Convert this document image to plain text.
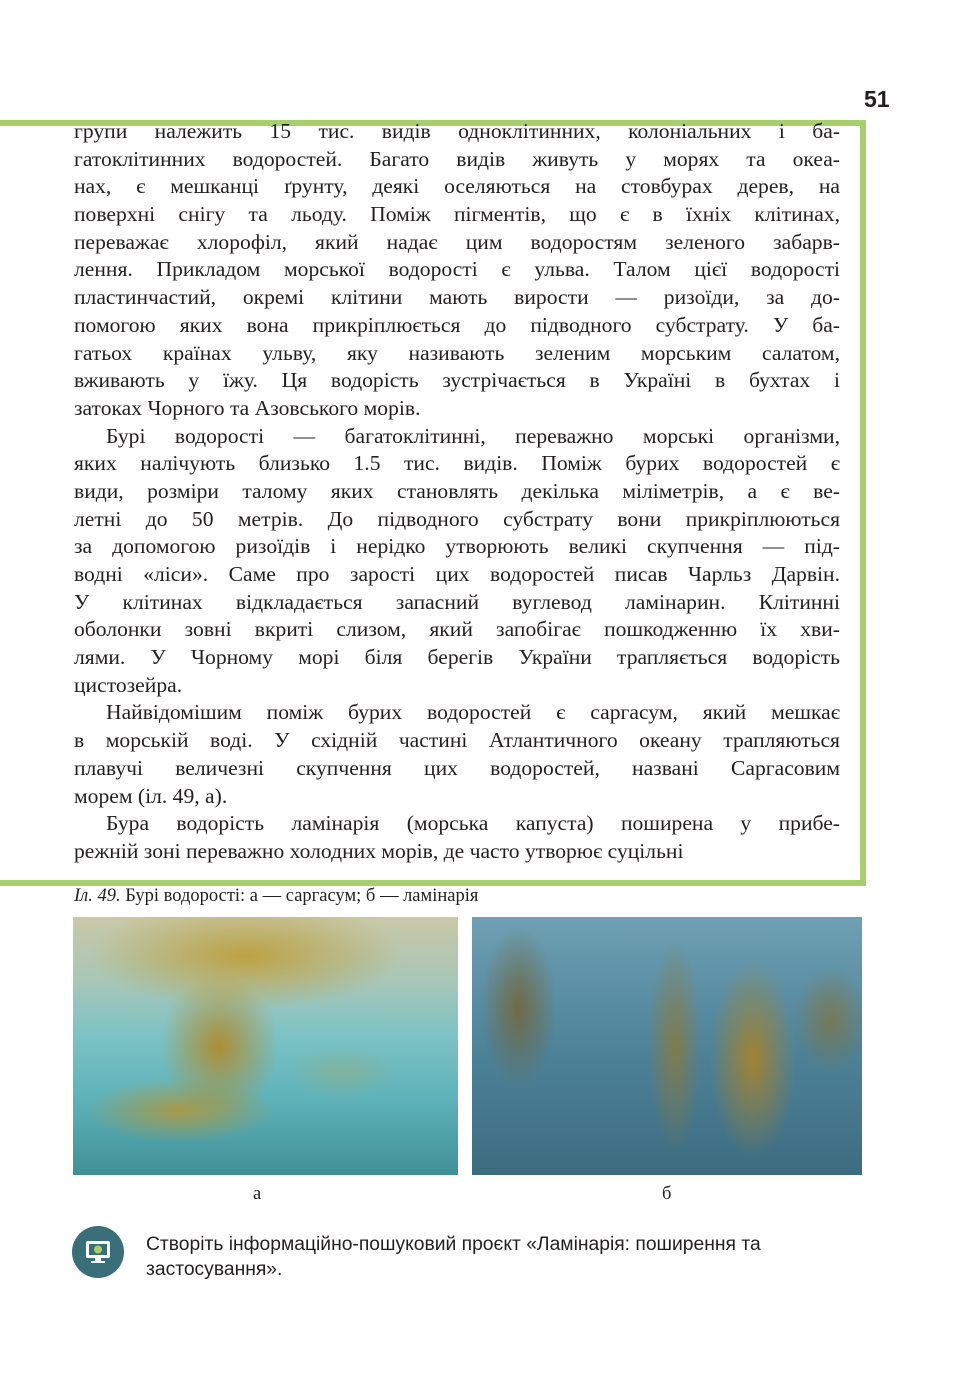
51
групи належить 15 тис. видів одноклітинних, колоніальних і ба-
гатоклітинних водоростей. Багато видів живуть у морях та океа-
нах, є мешканці ґрунту, деякі оселяються на стовбурах дерев, на
поверхні снігу та льоду. Поміж пігментів, що є в їхніх клітинах,
переважає хлорофіл, який надає цим водоростям зеленого забарв-
лення. Прикладом морської водорості є ульва. Талом цієї водорості
пластинчастий, окремі клітини мають вирости — ризоїди, за до-
помогою яких вона прикріплюється до підводного субстрату. У ба-
гатьох країнах ульву, яку називають зеленим морським салатом,
вживають у їжу. Ця водорість зустрічається в Україні в бухтах і
затоках Чорного та Азовського морів.
Бурі водорості — багатоклітинні, переважно морські організми,
яких налічують близько 1.5 тис. видів. Поміж бурих водоростей є
види, розміри талому яких становлять декілька міліметрів, а є ве-
летні до 50 метрів. До підводного субстрату вони прикріплюються
за допомогою ризоїдів і нерідко утворюють великі скупчення — під-
водні «ліси». Саме про зарості цих водоростей писав Чарльз Дарвін.
У клітинах відкладається запасний вуглевод ламінарин. Клітинні
оболонки зовні вкриті слизом, який запобігає пошкодженню їх хви-
лями. У Чорному морі біля берегів України трапляється водорість
цистозейра.
Найвідомішим поміж бурих водоростей є саргасум, який мешкає
в морській воді. У східній частині Атлантичного океану трапляються
плавучі величезні скупчення цих водоростей, названі Саргасовим
морем (іл. 49, а).
Бура водорість ламінарія (морська капуста) поширена у прибе-
режній зоні переважно холодних морів, де часто утворює суцільні
Іл. 49. Бурі водорості: а — саргасум; б — ламінарія
а	б
Створіть інформаційно-пошуковий проєкт «Ламінарія: поширення та застосування».
